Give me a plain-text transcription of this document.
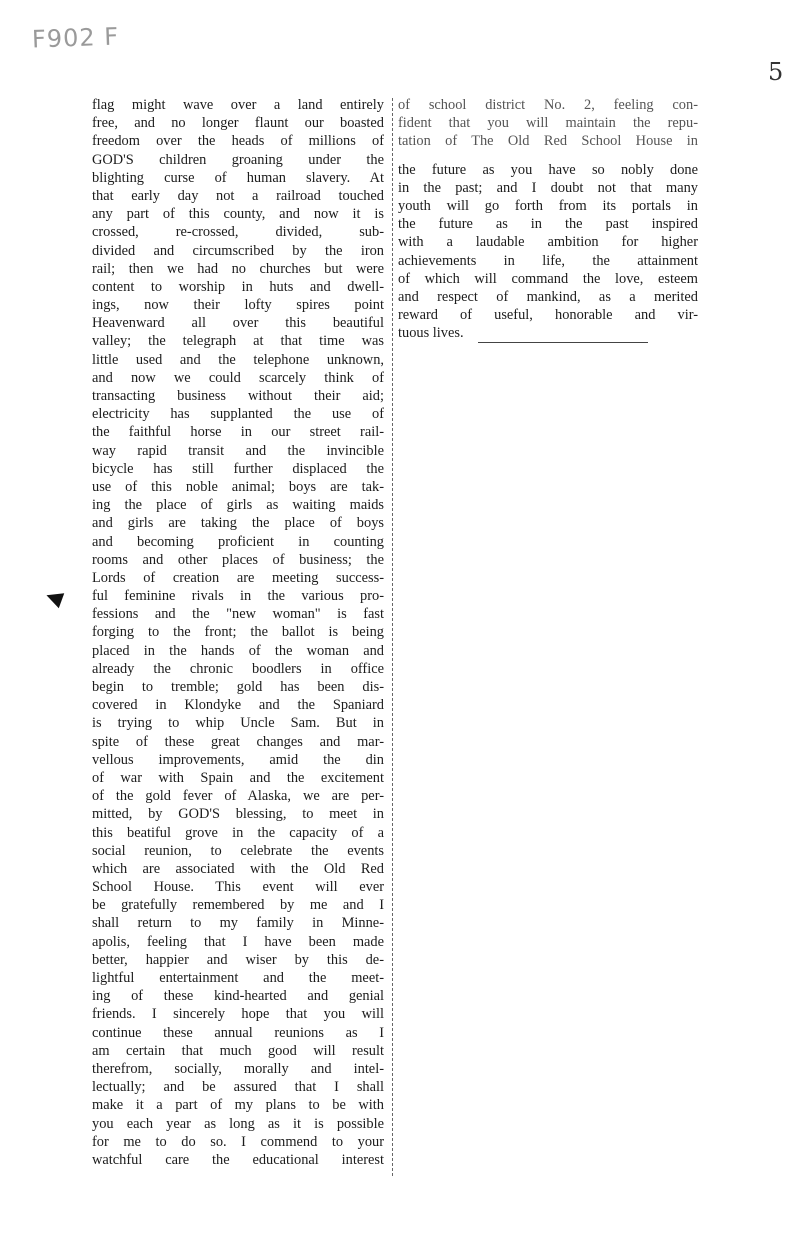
F902 F
5
flag might wave over a land entirely
free, and no longer flaunt our boasted
freedom over the heads of millions of
GOD'S children groaning under the
blighting curse of human slavery. At
that early day not a railroad touched
any part of this county, and now it is
crossed, re-crossed, divided, sub-
divided and circumscribed by the iron
rail; then we had no churches but were
content to worship in huts and dwell-
ings, now their lofty spires point
Heavenward all over this beautiful
valley; the telegraph at that time was
little used and the telephone unknown,
and now we could scarcely think of
transacting business without their aid;
electricity has supplanted the use of
the faithful horse in our street rail-
way rapid transit and the invincible
bicycle has still further displaced the
use of this noble animal; boys are tak-
ing the place of girls as waiting maids
and girls are taking the place of boys
and becoming proficient in counting
rooms and other places of business; the
Lords of creation are meeting success-
ful feminine rivals in the various pro-
fessions and the "new woman" is fast
forging to the front; the ballot is being
placed in the hands of the woman and
already the chronic boodlers in office
begin to tremble; gold has been dis-
covered in Klondyke and the Spaniard
is trying to whip Uncle Sam. But in
spite of these great changes and mar-
vellous improvements, amid the din
of war with Spain and the excitement
of the gold fever of Alaska, we are per-
mitted, by GOD'S blessing, to meet in
this beatiful grove in the capacity of a
social reunion, to celebrate the events
which are associated with the Old Red
School House. This event will ever
be gratefully remembered by me and I
shall return to my family in Minne-
apolis, feeling that I have been made
better, happier and wiser by this de-
lightful entertainment and the meet-
ing of these kind-hearted and genial
friends. I sincerely hope that you will
continue these annual reunions as I
am certain that much good will result
therefrom, socially, morally and intel-
lectually; and be assured that I shall
make it a part of my plans to be with
you each year as long as it is possible
for me to do so. I commend to your
watchful care the educational interest
of school district No. 2, feeling con-
fident that you will maintain the repu-
tation of The Old Red School House in
the future as you have so nobly done
in the past; and I doubt not that many
youth will go forth from its portals in
the future as in the past inspired
with a laudable ambition for higher
achievements in life, the attainment
of which will command the love, esteem
and respect of mankind, as a merited
reward of useful, honorable and vir-
tuous lives.
